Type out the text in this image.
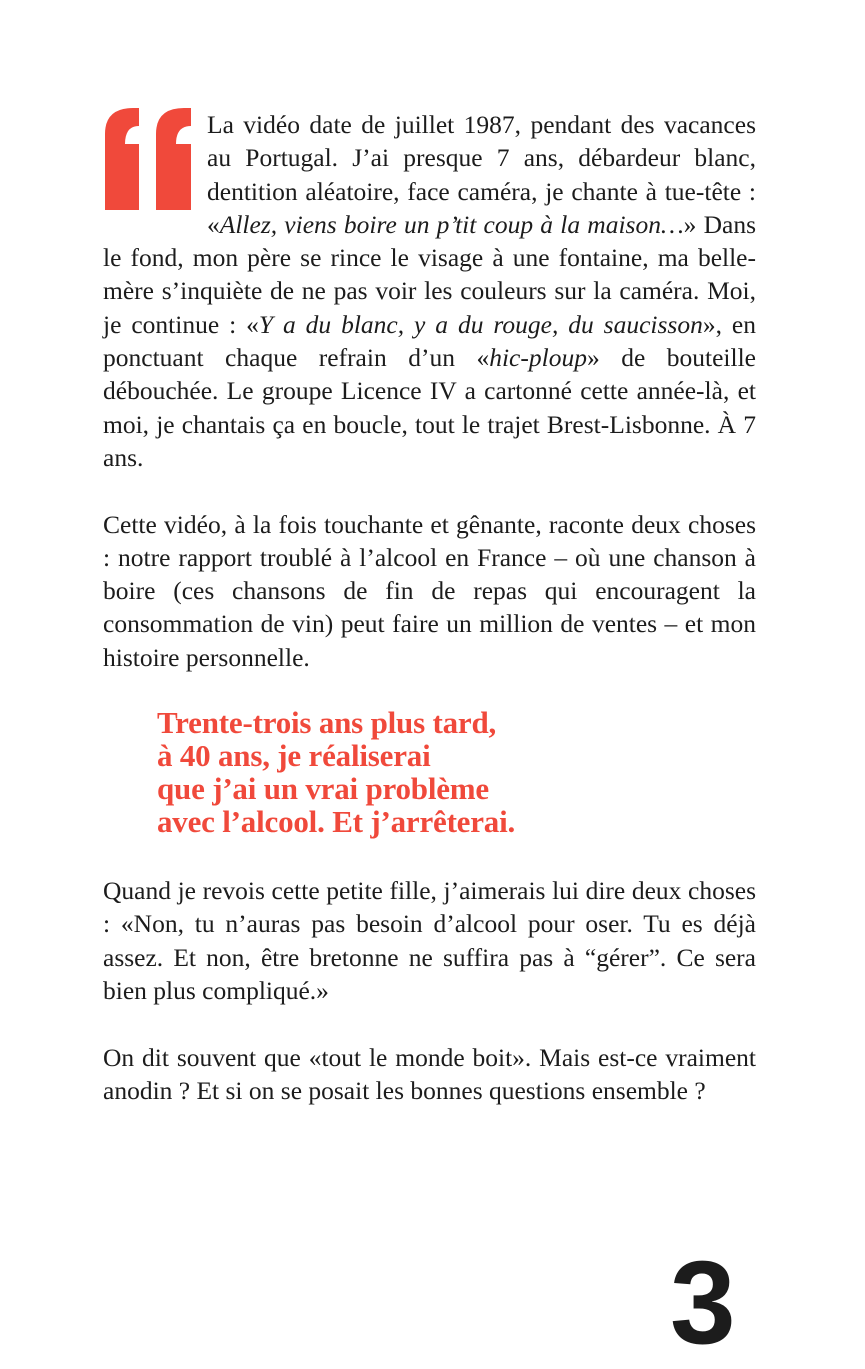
La vidéo date de juillet 1987, pendant des vacances au Portugal. J’ai presque 7 ans, débardeur blanc, dentition aléatoire, face caméra, je chante à tue-tête : «Allez, viens boire un p’tit coup à la maison…» Dans le fond, mon père se rince le visage à une fontaine, ma belle-mère s’inquiète de ne pas voir les couleurs sur la caméra. Moi, je continue : «Y a du blanc, y a du rouge, du saucisson», en ponctuant chaque refrain d’un «hic-ploup» de bouteille débouchée. Le groupe Licence IV a cartonné cette année-là, et moi, je chantais ça en boucle, tout le trajet Brest-Lisbonne. À 7 ans.

Cette vidéo, à la fois touchante et gênante, raconte deux choses : notre rapport troublé à l’alcool en France – où une chanson à boire (ces chansons de fin de repas qui encouragent la consommation de vin) peut faire un million de ventes – et mon histoire personnelle.

Trente-trois ans plus tard,
à 40 ans, je réaliserai
que j’ai un vrai problème
avec l’alcool. Et j’arrêterai.

Quand je revois cette petite fille, j’aimerais lui dire deux choses : «Non, tu n’auras pas besoin d’alcool pour oser. Tu es déjà assez. Et non, être bretonne ne suffira pas à “gérer”. Ce sera bien plus compliqué.»

On dit souvent que «tout le monde boit». Mais est-ce vraiment anodin ? Et si on se posait les bonnes questions ensemble ?

3
